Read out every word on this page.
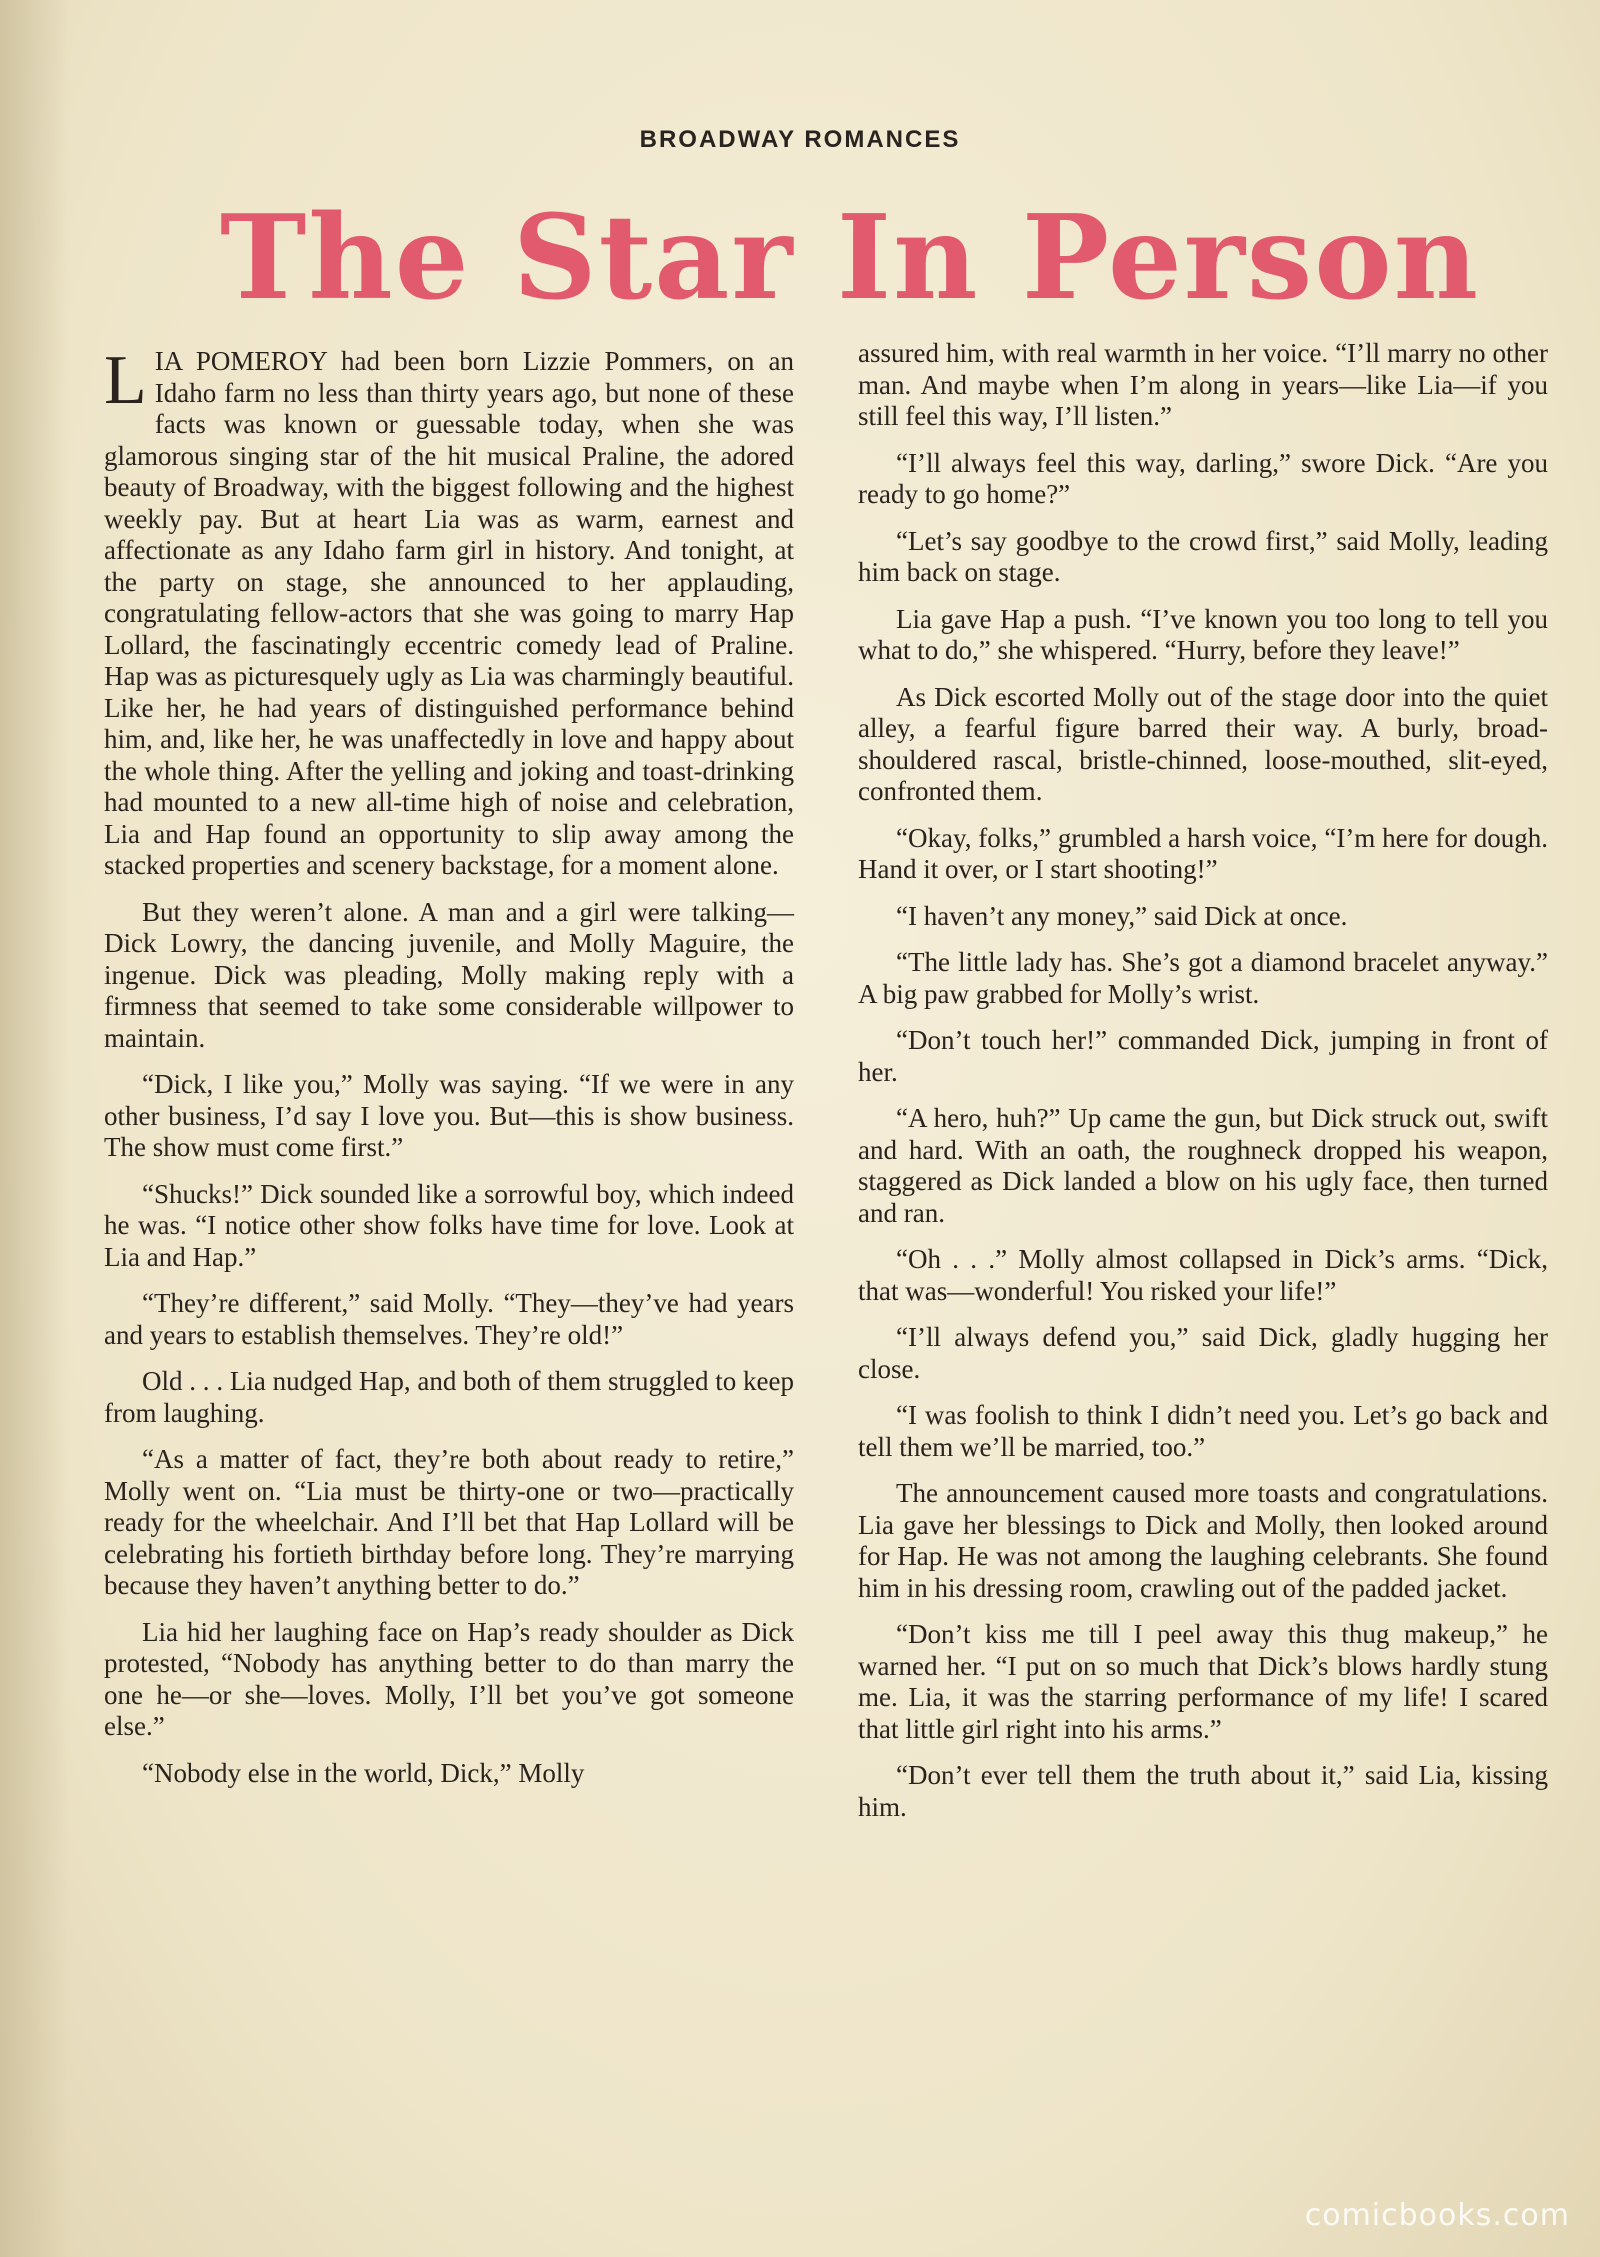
BROADWAY ROMANCES
The Star In Person

LIA POMEROY had been born Lizzie Pommers, on an Idaho farm no less than thirty years ago, but none of these facts was known or guessable today, when she was glamorous singing star of the hit musical Praline, the adored beauty of Broadway, with the biggest following and the highest weekly pay. But at heart Lia was as warm, earnest and affectionate as any Idaho farm girl in history. And tonight, at the party on stage, she announced to her applauding, congratulating fellow-actors that she was going to marry Hap Lollard, the fascinatingly eccentric comedy lead of Praline. Hap was as picturesquely ugly as Lia was charmingly beautiful. Like her, he had years of distinguished performance behind him, and, like her, he was unaffectedly in love and happy about the whole thing. After the yelling and joking and toast-drinking had mounted to a new all-time high of noise and celebration, Lia and Hap found an opportunity to slip away among the stacked properties and scenery backstage, for a moment alone.

But they weren’t alone. A man and a girl were talking—Dick Lowry, the dancing juvenile, and Molly Maguire, the ingenue. Dick was pleading, Molly making reply with a firmness that seemed to take some considerable willpower to maintain.

“Dick, I like you,” Molly was saying. “If we were in any other business, I’d say I love you. But—this is show business. The show must come first.”

“Shucks!” Dick sounded like a sorrowful boy, which indeed he was. “I notice other show folks have time for love. Look at Lia and Hap.”

“They’re different,” said Molly. “They—they’ve had years and years to establish themselves. They’re old!”

Old . . . Lia nudged Hap, and both of them struggled to keep from laughing.

“As a matter of fact, they’re both about ready to retire,” Molly went on. “Lia must be thirty-one or two—practically ready for the wheelchair. And I’ll bet that Hap Lollard will be celebrating his fortieth birthday before long. They’re marrying because they haven’t anything better to do.”

Lia hid her laughing face on Hap’s ready shoulder as Dick protested, “Nobody has anything better to do than marry the one he—or she—loves. Molly, I’ll bet you’ve got someone else.”

“Nobody else in the world, Dick,” Molly

assured him, with real warmth in her voice. “I’ll marry no other man. And maybe when I’m along in years—like Lia—if you still feel this way, I’ll listen.”

“I’ll always feel this way, darling,” swore Dick. “Are you ready to go home?”

“Let’s say goodbye to the crowd first,” said Molly, leading him back on stage.

Lia gave Hap a push. “I’ve known you too long to tell you what to do,” she whispered. “Hurry, before they leave!”

As Dick escorted Molly out of the stage door into the quiet alley, a fearful figure barred their way. A burly, broad-shouldered rascal, bristle-chinned, loose-mouthed, slit-eyed, confronted them.

“Okay, folks,” grumbled a harsh voice, “I’m here for dough. Hand it over, or I start shooting!”

“I haven’t any money,” said Dick at once.

“The little lady has. She’s got a diamond bracelet anyway.” A big paw grabbed for Molly’s wrist.

“Don’t touch her!” commanded Dick, jumping in front of her.

“A hero, huh?” Up came the gun, but Dick struck out, swift and hard. With an oath, the roughneck dropped his weapon, staggered as Dick landed a blow on his ugly face, then turned and ran.

“Oh . . .” Molly almost collapsed in Dick’s arms. “Dick, that was—wonderful! You risked your life!”

“I’ll always defend you,” said Dick, gladly hugging her close.

“I was foolish to think I didn’t need you. Let’s go back and tell them we’ll be married, too.”

The announcement caused more toasts and congratulations. Lia gave her blessings to Dick and Molly, then looked around for Hap. He was not among the laughing celebrants. She found him in his dressing room, crawling out of the padded jacket.

“Don’t kiss me till I peel away this thug makeup,” he warned her. “I put on so much that Dick’s blows hardly stung me. Lia, it was the starring performance of my life! I scared that little girl right into his arms.”

“Don’t ever tell them the truth about it,” said Lia, kissing him.

comicbooks.com
